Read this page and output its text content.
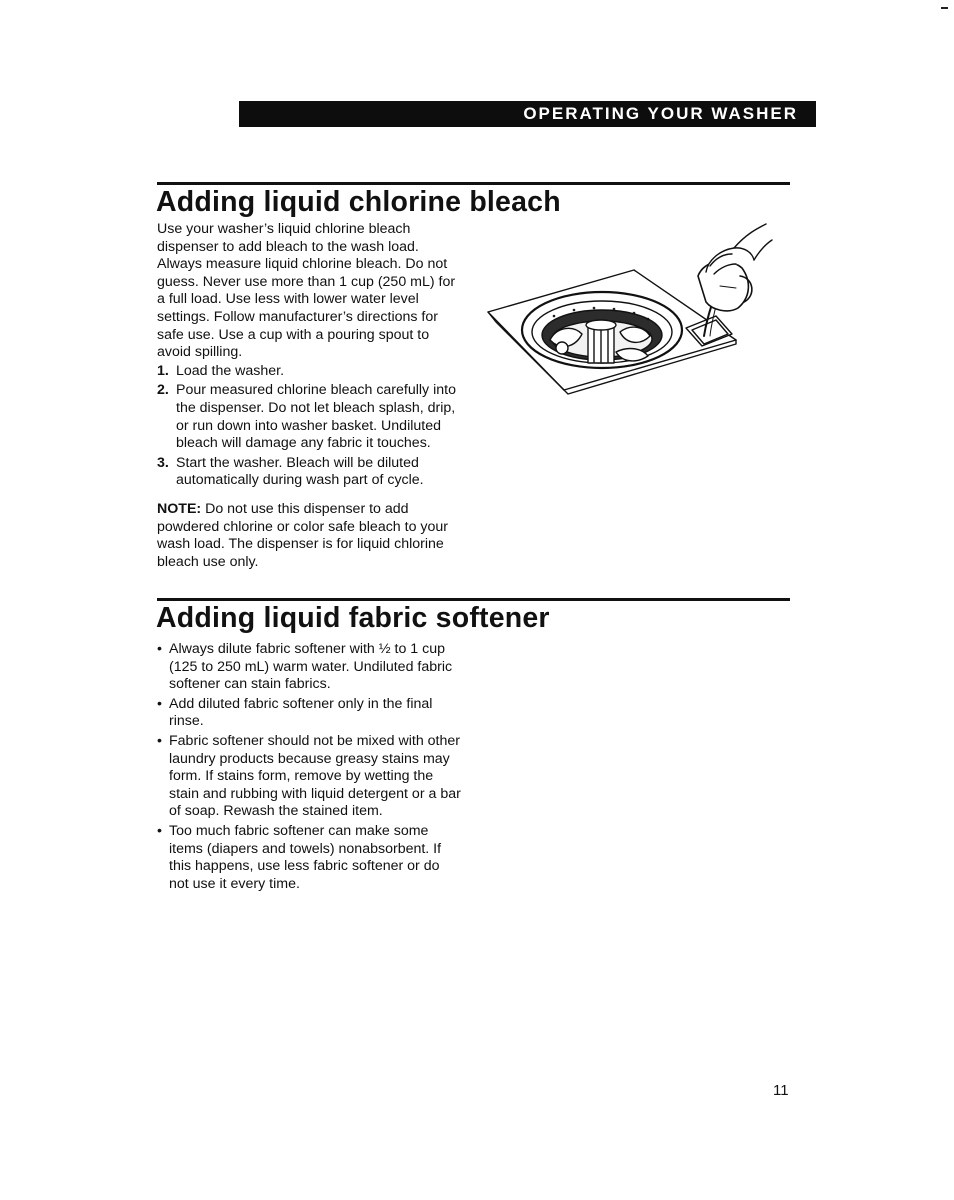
OPERATING YOUR WASHER
Adding liquid chlorine bleach

Use your washer’s liquid chlorine bleach dispenser to add bleach to the wash load. Always measure liquid chlorine bleach. Do not guess. Never use more than 1 cup (250 mL) for a full load. Use less with lower water level settings. Follow manufacturer’s directions for safe use. Use a cup with a pouring spout to avoid spilling.

1. Load the washer.
2. Pour measured chlorine bleach carefully into the dispenser. Do not let bleach splash, drip, or run down into washer basket. Undiluted bleach will damage any fabric it touches.
3. Start the washer. Bleach will be diluted automatically during wash part of cycle.

NOTE: Do not use this dispenser to add powdered chlorine or color safe bleach to your wash load. The dispenser is for liquid chlorine bleach use only.

Adding liquid fabric softener
• Always dilute fabric softener with ½ to 1 cup (125 to 250 mL) warm water. Undiluted fabric softener can stain fabrics.
• Add diluted fabric softener only in the final rinse.
• Fabric softener should not be mixed with other laundry products because greasy stains may form. If stains form, remove by wetting the stain and rubbing with liquid detergent or a bar of soap. Rewash the stained item.
• Too much fabric softener can make some items (diapers and towels) nonabsorbent. If this happens, use less fabric softener or do not use it every time.
11
